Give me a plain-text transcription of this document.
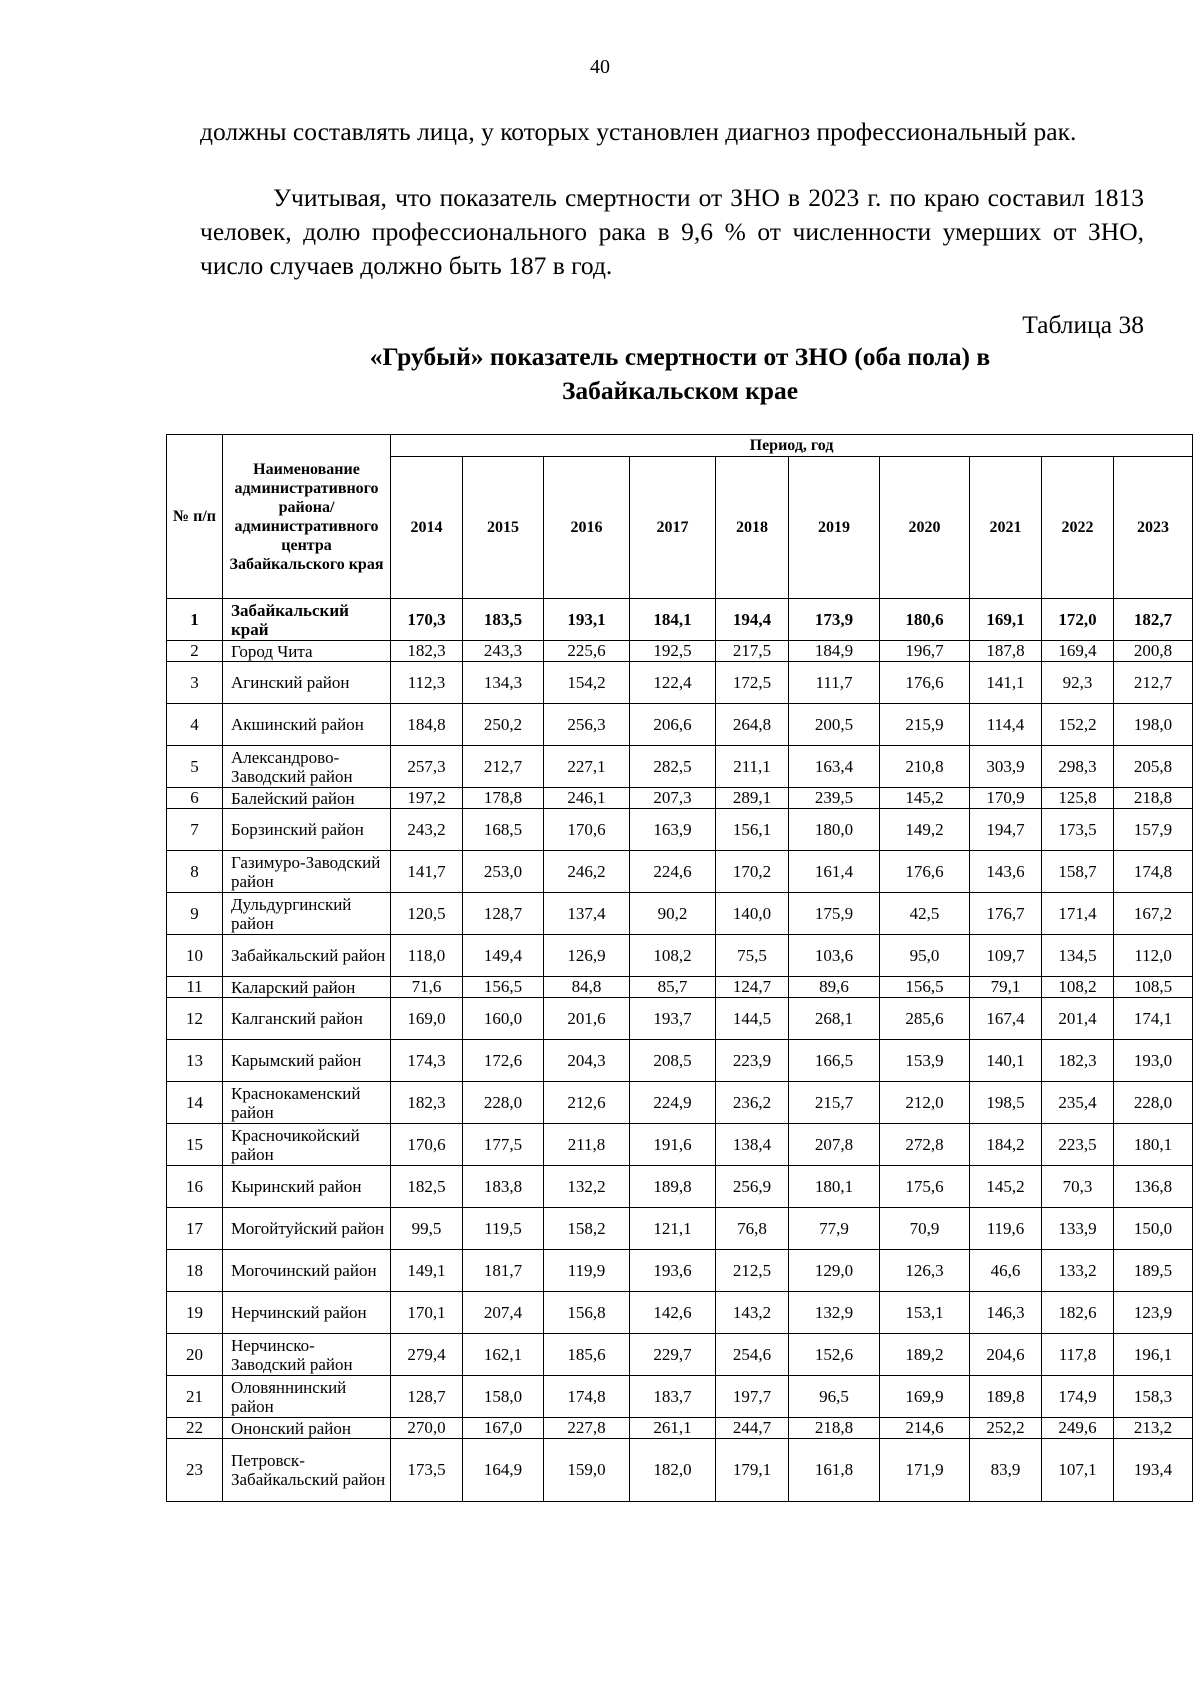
40

должны составлять лица, у которых установлен диагноз профессиональный рак.

Учитывая, что показатель смертности от ЗНО в 2023 г. по краю составил 1813 человек, долю профессионального рака в 9,6 % от численности умерших от ЗНО, число случаев должно быть 187 в год.

Таблица 38
«Грубый» показатель смертности от ЗНО (оба пола) в Забайкальском крае
№ п/п	Наименование административного района/ административного центра Забайкальского края	Период, год									
		2014	2015	2016	2017	2018	2019	2020	2021	2022	2023
1	Забайкальский край	170,3	183,5	193,1	184,1	194,4	173,9	180,6	169,1	172,0	182,7
2	Город Чита	182,3	243,3	225,6	192,5	217,5	184,9	196,7	187,8	169,4	200,8
3	Агинский район	112,3	134,3	154,2	122,4	172,5	111,7	176,6	141,1	92,3	212,7
4	Акшинский район	184,8	250,2	256,3	206,6	264,8	200,5	215,9	114,4	152,2	198,0
5	Александрово-Заводский район	257,3	212,7	227,1	282,5	211,1	163,4	210,8	303,9	298,3	205,8
6	Балейский район	197,2	178,8	246,1	207,3	289,1	239,5	145,2	170,9	125,8	218,8
7	Борзинский район	243,2	168,5	170,6	163,9	156,1	180,0	149,2	194,7	173,5	157,9
8	Газимуро-Заводский район	141,7	253,0	246,2	224,6	170,2	161,4	176,6	143,6	158,7	174,8
9	Дульдургинский район	120,5	128,7	137,4	90,2	140,0	175,9	42,5	176,7	171,4	167,2
10	Забайкальский район	118,0	149,4	126,9	108,2	75,5	103,6	95,0	109,7	134,5	112,0
11	Каларский район	71,6	156,5	84,8	85,7	124,7	89,6	156,5	79,1	108,2	108,5
12	Калганский район	169,0	160,0	201,6	193,7	144,5	268,1	285,6	167,4	201,4	174,1
13	Карымский район	174,3	172,6	204,3	208,5	223,9	166,5	153,9	140,1	182,3	193,0
14	Краснокаменский район	182,3	228,0	212,6	224,9	236,2	215,7	212,0	198,5	235,4	228,0
15	Красночикойский район	170,6	177,5	211,8	191,6	138,4	207,8	272,8	184,2	223,5	180,1
16	Кыринский район	182,5	183,8	132,2	189,8	256,9	180,1	175,6	145,2	70,3	136,8
17	Могойтуйский район	99,5	119,5	158,2	121,1	76,8	77,9	70,9	119,6	133,9	150,0
18	Могочинский район	149,1	181,7	119,9	193,6	212,5	129,0	126,3	46,6	133,2	189,5
19	Нерчинский район	170,1	207,4	156,8	142,6	143,2	132,9	153,1	146,3	182,6	123,9
20	Нерчинско-Заводский район	279,4	162,1	185,6	229,7	254,6	152,6	189,2	204,6	117,8	196,1
21	Оловяннинский район	128,7	158,0	174,8	183,7	197,7	96,5	169,9	189,8	174,9	158,3
22	Ононский район	270,0	167,0	227,8	261,1	244,7	218,8	214,6	252,2	249,6	213,2
23	Петровск-Забайкальский район	173,5	164,9	159,0	182,0	179,1	161,8	171,9	83,9	107,1	193,4
